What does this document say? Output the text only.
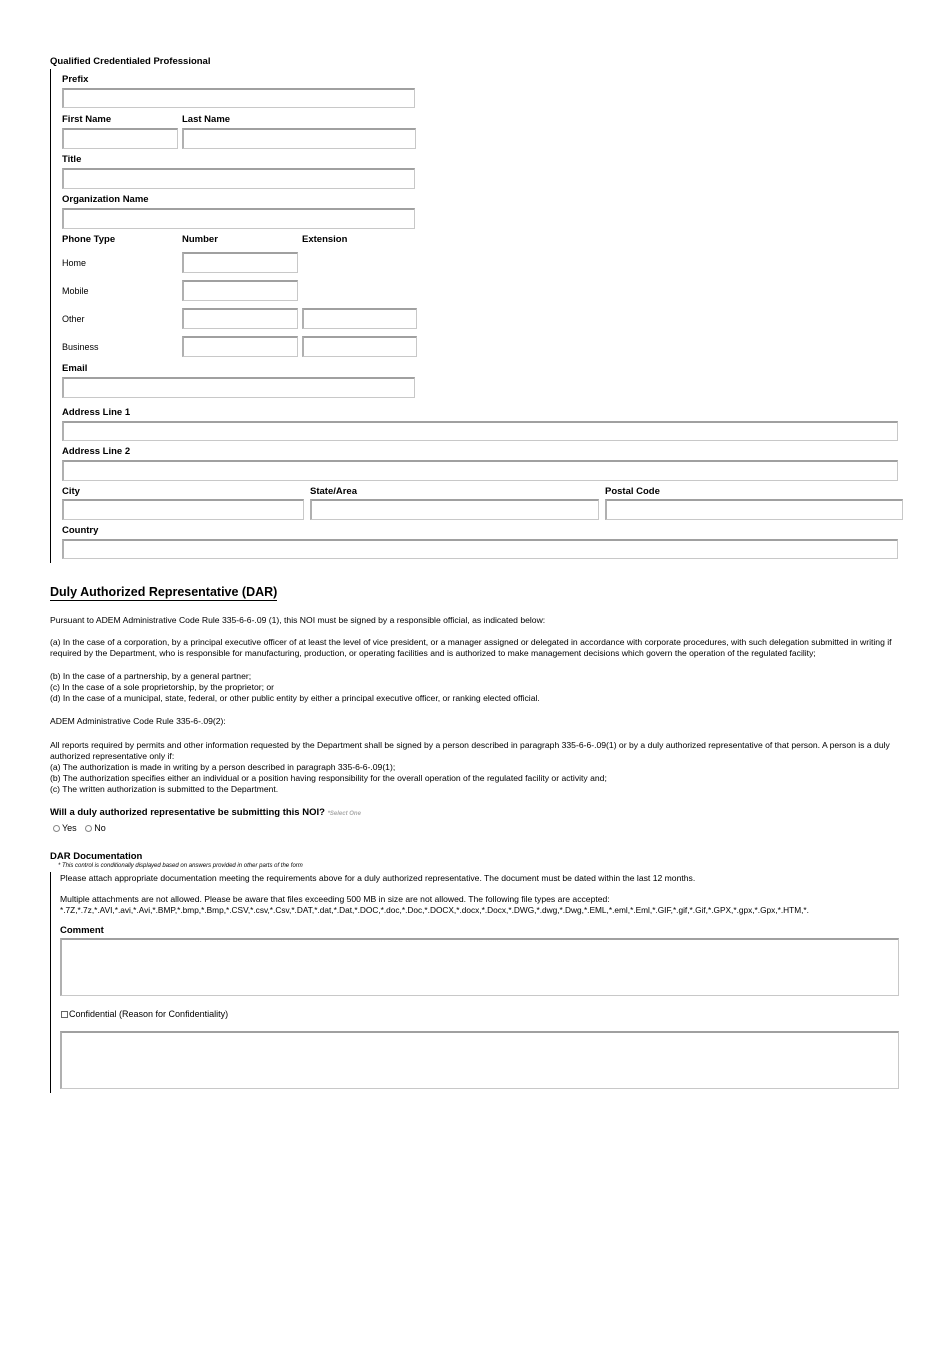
Qualified Credentialed Professional
Prefix
First Name	Last Name
Title
Organization Name
Phone Type	Number	Extension
Home
Mobile
Other
Business
Email
Address Line 1
Address Line 2
City	State/Area	Postal Code
Country
Duly Authorized Representative (DAR)
Pursuant to ADEM Administrative Code Rule 335-6-6-.09 (1), this NOI must be signed by a responsible official, as indicated below:
(a) In the case of a corporation, by a principal executive officer of at least the level of vice president, or a manager assigned or delegated in accordance with corporate procedures, with such delegation submitted in writing if required by the Department, who is responsible for manufacturing, production, or operating facilities and is authorized to make management decisions which govern the operation of the regulated facility;
(b) In the case of a partnership, by a general partner;
(c) In the case of a sole proprietorship, by the proprietor; or
(d) In the case of a municipal, state, federal, or other public entity by either a principal executive officer, or ranking elected official.
ADEM Administrative Code Rule 335-6-.09(2):
All reports required by permits and other information requested by the Department shall be signed by a person described in paragraph 335-6-6-.09(1) or by a duly authorized representative of that person. A person is a duly authorized representative only if:
(a) The authorization is made in writing by a person described in paragraph 335-6-6-.09(1);
(b) The authorization specifies either an individual or a position having responsibility for the overall operation of the regulated facility or activity and;
(c) The written authorization is submitted to the Department.
Will a duly authorized representative be submitting this NOI? *Select One
Yes No
DAR Documentation
* This control is conditionally displayed based on answers provided in other parts of the form
Please attach appropriate documentation meeting the requirements above for a duly authorized representative. The document must be dated within the last 12 months.
Multiple attachments are not allowed. Please be aware that files exceeding 500 MB in size are not allowed. The following file types are accepted:
*.7Z,*.7z,*.AVI,*.avi,*.Avi,*.BMP,*.bmp,*.Bmp,*.CSV,*.csv,*.Csv,*.DAT,*.dat,*.Dat,*.DOC,*.doc,*.Doc,*.DOCX,*.docx,*.Docx,*.DWG,*.dwg,*.Dwg,*.EML,*.eml,*.Eml,*.GIF,*.gif,*.Gif,*.GPX,*.gpx,*.Gpx,*.HTM,*.
Comment
Confidential (Reason for Confidentiality)
